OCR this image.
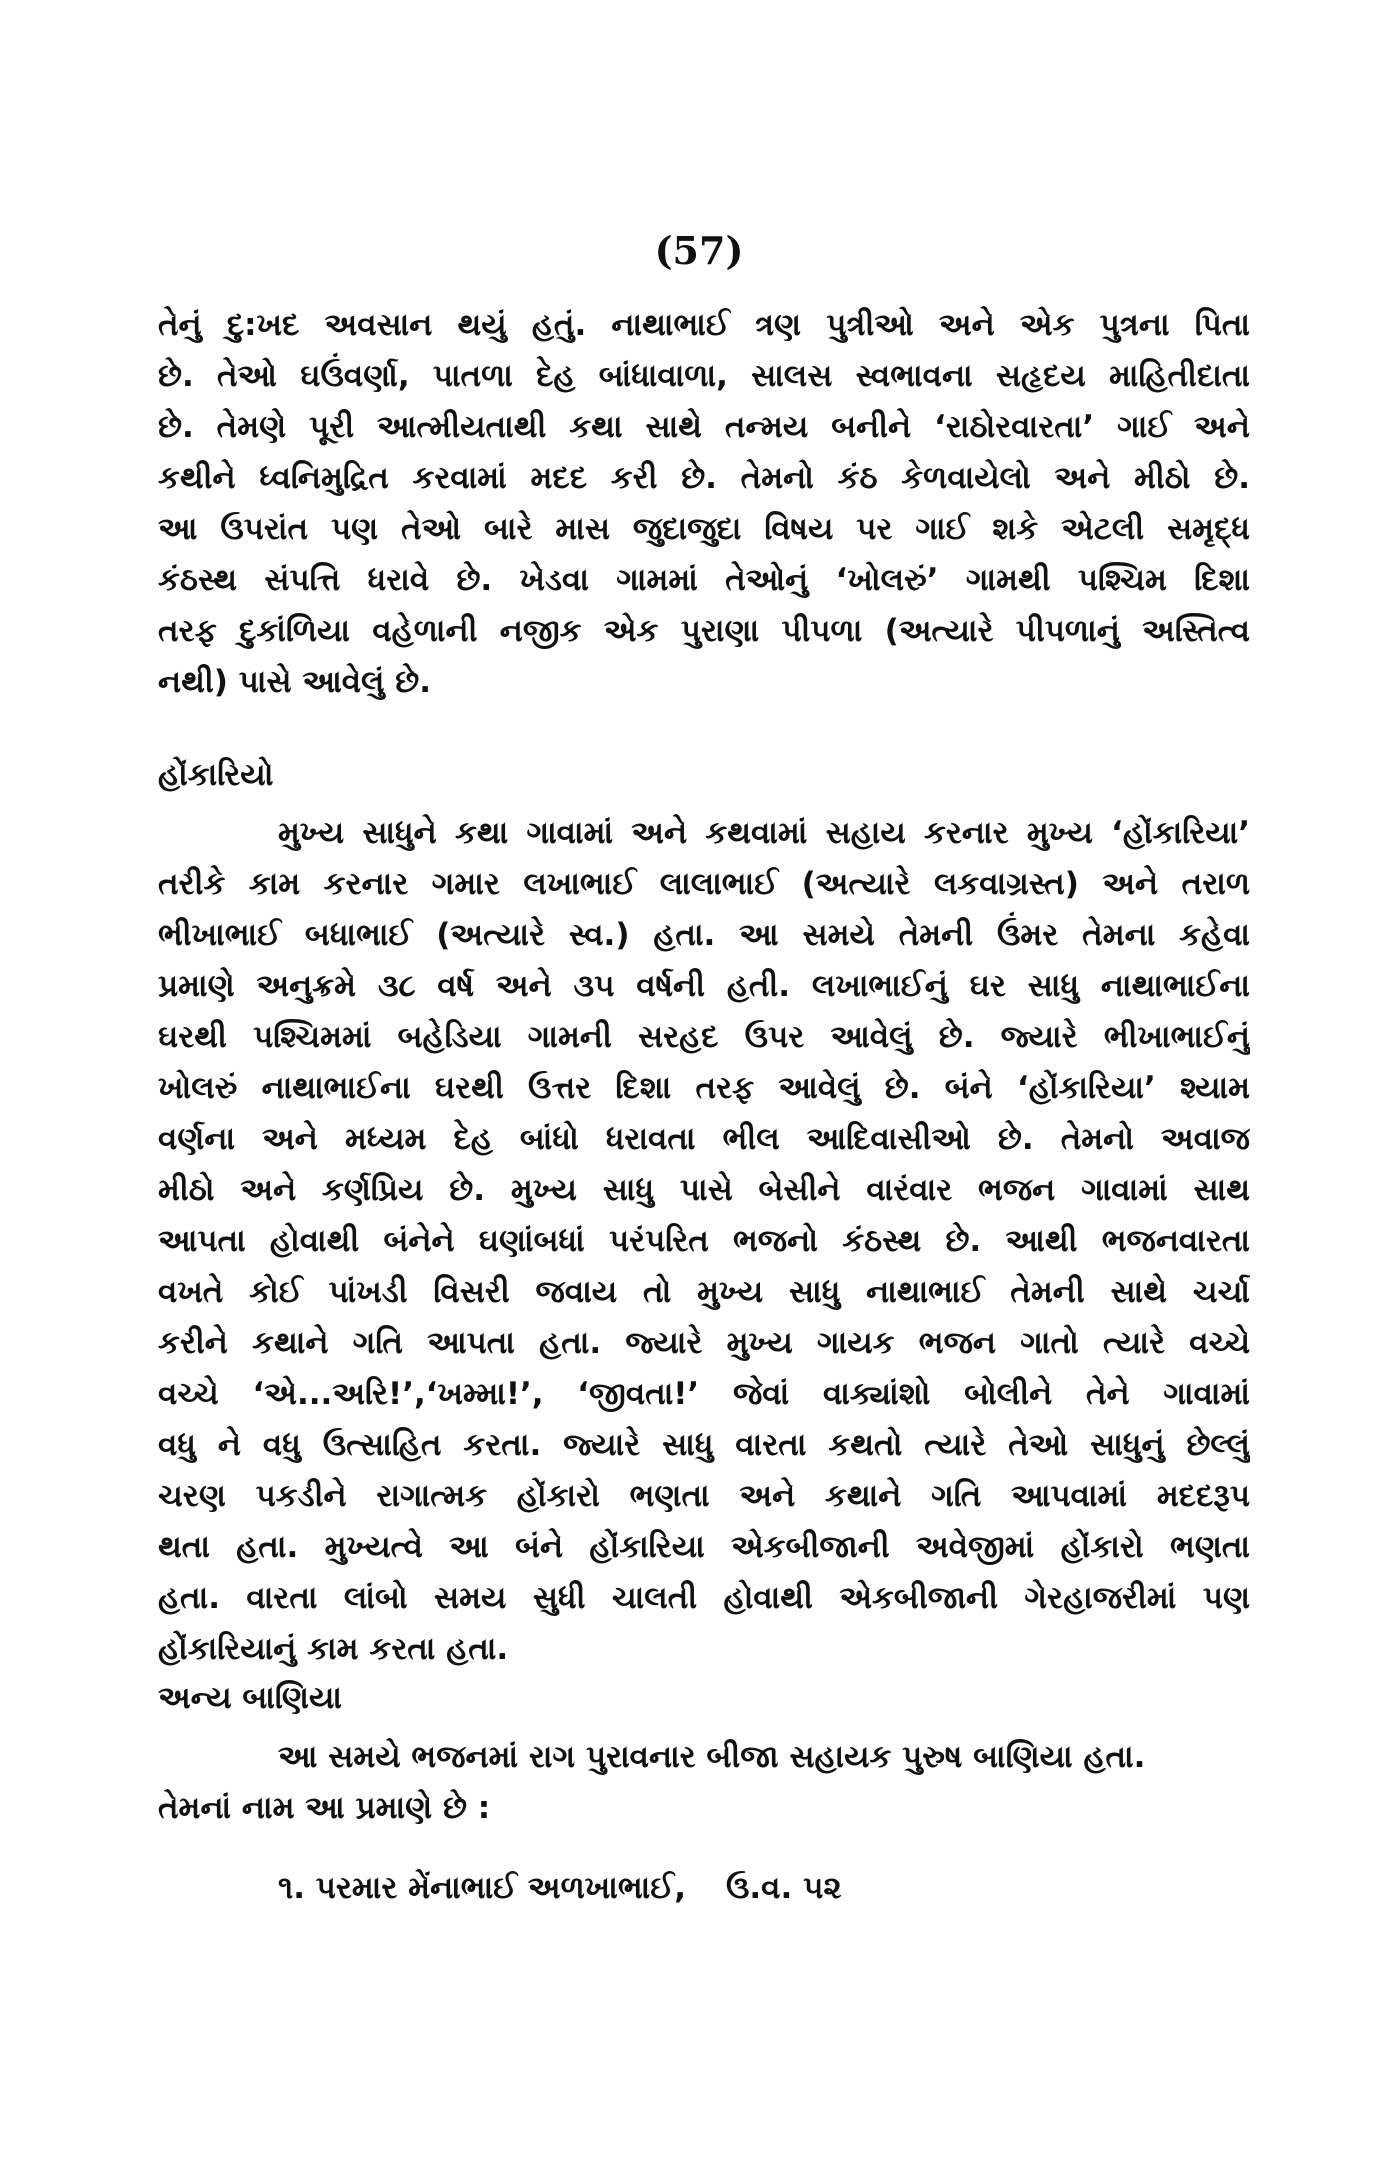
(57)
તેનું દુ:ખદ અવસાન થયું હતું. નાથાભાઈ ત્રણ પુત્રીઓ અને એક પુત્રના પિતા
છે. તેઓ ઘઉંવર્ણા, પાતળા દેહ બાંધાવાળા, સાલસ સ્વભાવના સહૃદય માહિતીદાતા
છે. તેમણે પૂરી આત્મીયતાથી કથા સાથે તન્મય બનીને ‘રાઠોરવારતા’ ગાઈ અને
કથીને ધ્વનિમુદ્રિત કરવામાં મદદ કરી છે. તેમનો કંઠ કેળવાયેલો અને મીઠો છે.
આ ઉપરાંત પણ તેઓ બારે માસ જુદાજુદા વિષય પર ગાઈ શકે એટલી સમૃદ્ધ
કંઠસ્થ સંપત્તિ ધરાવે છે. ખેડવા ગામમાં તેઓનું ‘ખોલરું’ ગામથી પશ્ચિમ દિશા
તરફ દુકાંળિયા વહેળાની નજીક એક પુરાણા પીપળા (અત્યારે પીપળાનું અસ્તિત્વ
નથી) પાસે આવેલું છે.
હોંકારિયો
મુખ્ય સાધુને કથા ગાવામાં અને કથવામાં સહાય કરનાર મુખ્ય ‘હોંકારિયા’
તરીકે કામ કરનાર ગમાર લખાભાઈ લાલાભાઈ (અત્યારે લકવાગ્રસ્ત) અને તરાળ
ભીખાભાઈ બધાભાઈ (અત્યારે સ્વ.) હતા. આ સમયે તેમની ઉંમર તેમના કહેવા
પ્રમાણે અનુક્રમે ૩૮ વર્ષ અને ૩૫ વર્ષની હતી. લખાભાઈનું ઘર સાધુ નાથાભાઈના
ઘરથી પશ્ચિમમાં બહેડિયા ગામની સરહદ ઉપર આવેલું છે. જ્યારે ભીખાભાઈનું
ખોલરું નાથાભાઈના ઘરથી ઉત્તર દિશા તરફ આવેલું છે. બંને ‘હોંકારિયા’ શ્યામ
વર્ણના અને મધ્યમ દેહ બાંધો ધરાવતા ભીલ આદિવાસીઓ છે. તેમનો અવાજ
મીઠો અને કર્ણપ્રિય છે. મુખ્ય સાધુ પાસે બેસીને વારંવાર ભજન ગાવામાં સાથ
આપતા હોવાથી બંનેને ઘણાંબધાં પરંપરિત ભજનો કંઠસ્થ છે. આથી ભજનવારતા
વખતે કોઈ પાંખડી વિસરી જવાય તો મુખ્ય સાધુ નાથાભાઈ તેમની સાથે ચર્ચા
કરીને કથાને ગતિ આપતા હતા. જ્યારે મુખ્ય ગાયક ભજન ગાતો ત્યારે વચ્ચે
વચ્ચે ‘એ...અરિ!’,‘ખમ્મા!’, ‘જીવતા!’ જેવાં વાક્યાંશો બોલીને તેને ગાવામાં
વધુ ને વધુ ઉત્સાહિત કરતા. જ્યારે સાધુ વારતા કથતો ત્યારે તેઓ સાધુનું છેલ્લું
ચરણ પકડીને રાગાત્મક હોંકારો ભણતા અને કથાને ગતિ આપવામાં મદદરૂપ
થતા હતા. મુખ્યત્વે આ બંને હોંકારિયા એકબીજાની અવેજીમાં હોંકારો ભણતા
હતા. વારતા લાંબો સમય સુધી ચાલતી હોવાથી એકબીજાની ગેરહાજરીમાં પણ
હોંકારિયાનું કામ કરતા હતા.
અન્ય બાણિયા
આ સમયે ભજનમાં રાગ પુરાવનાર બીજા સહાયક પુરુષ બાણિયા હતા.
તેમનાં નામ આ પ્રમાણે છે :
૧. પરમાર મેંનાભાઈ અળખાભાઈ, ઉ.વ. ૫૨
